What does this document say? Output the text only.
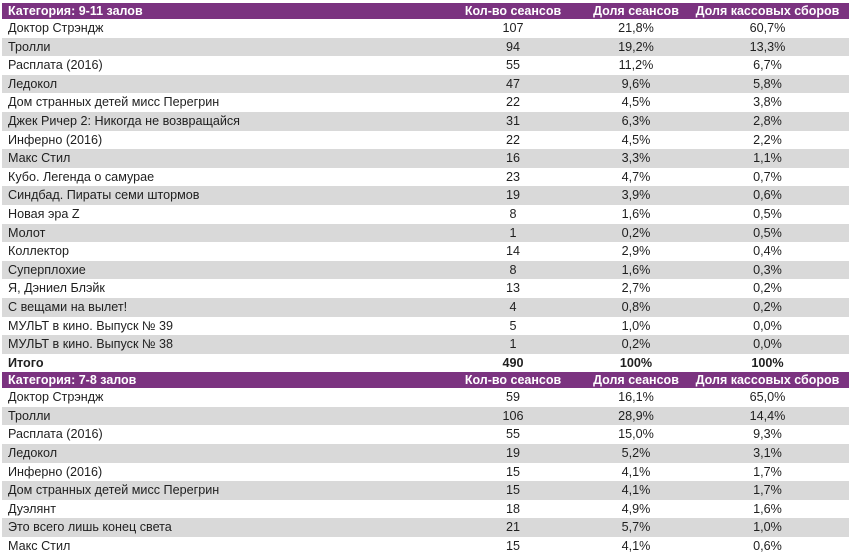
Категория: 9-11 залов	Кол-во сеансов	Доля сеансов	Доля кассовых сборов
Доктор Стрэндж	107	21,8%	60,7%
Тролли	94	19,2%	13,3%
Расплата (2016)	55	11,2%	6,7%
Ледокол	47	9,6%	5,8%
Дом странных детей мисс Перегрин	22	4,5%	3,8%
Джек Ричер 2: Никогда не возвращайся	31	6,3%	2,8%
Инферно (2016)	22	4,5%	2,2%
Макс Стил	16	3,3%	1,1%
Кубо. Легенда о самурае	23	4,7%	0,7%
Синдбад. Пираты семи штормов	19	3,9%	0,6%
Новая эра Z	8	1,6%	0,5%
Молот	1	0,2%	0,5%
Коллектор	14	2,9%	0,4%
Суперплохие	8	1,6%	0,3%
Я, Дэниел Блэйк	13	2,7%	0,2%
С вещами на вылет!	4	0,8%	0,2%
МУЛЬТ в кино. Выпуск № 39	5	1,0%	0,0%
МУЛЬТ в кино. Выпуск № 38	1	0,2%	0,0%
Итого	490	100%	100%
Категория: 7-8 залов	Кол-во сеансов	Доля сеансов	Доля кассовых сборов
Доктор Стрэндж	59	16,1%	65,0%
Тролли	106	28,9%	14,4%
Расплата (2016)	55	15,0%	9,3%
Ледокол	19	5,2%	3,1%
Инферно (2016)	15	4,1%	1,7%
Дом странных детей мисс Перегрин	15	4,1%	1,7%
Дуэлянт	18	4,9%	1,6%
Это всего лишь конец света	21	5,7%	1,0%
Макс Стил	15	4,1%	0,6%
